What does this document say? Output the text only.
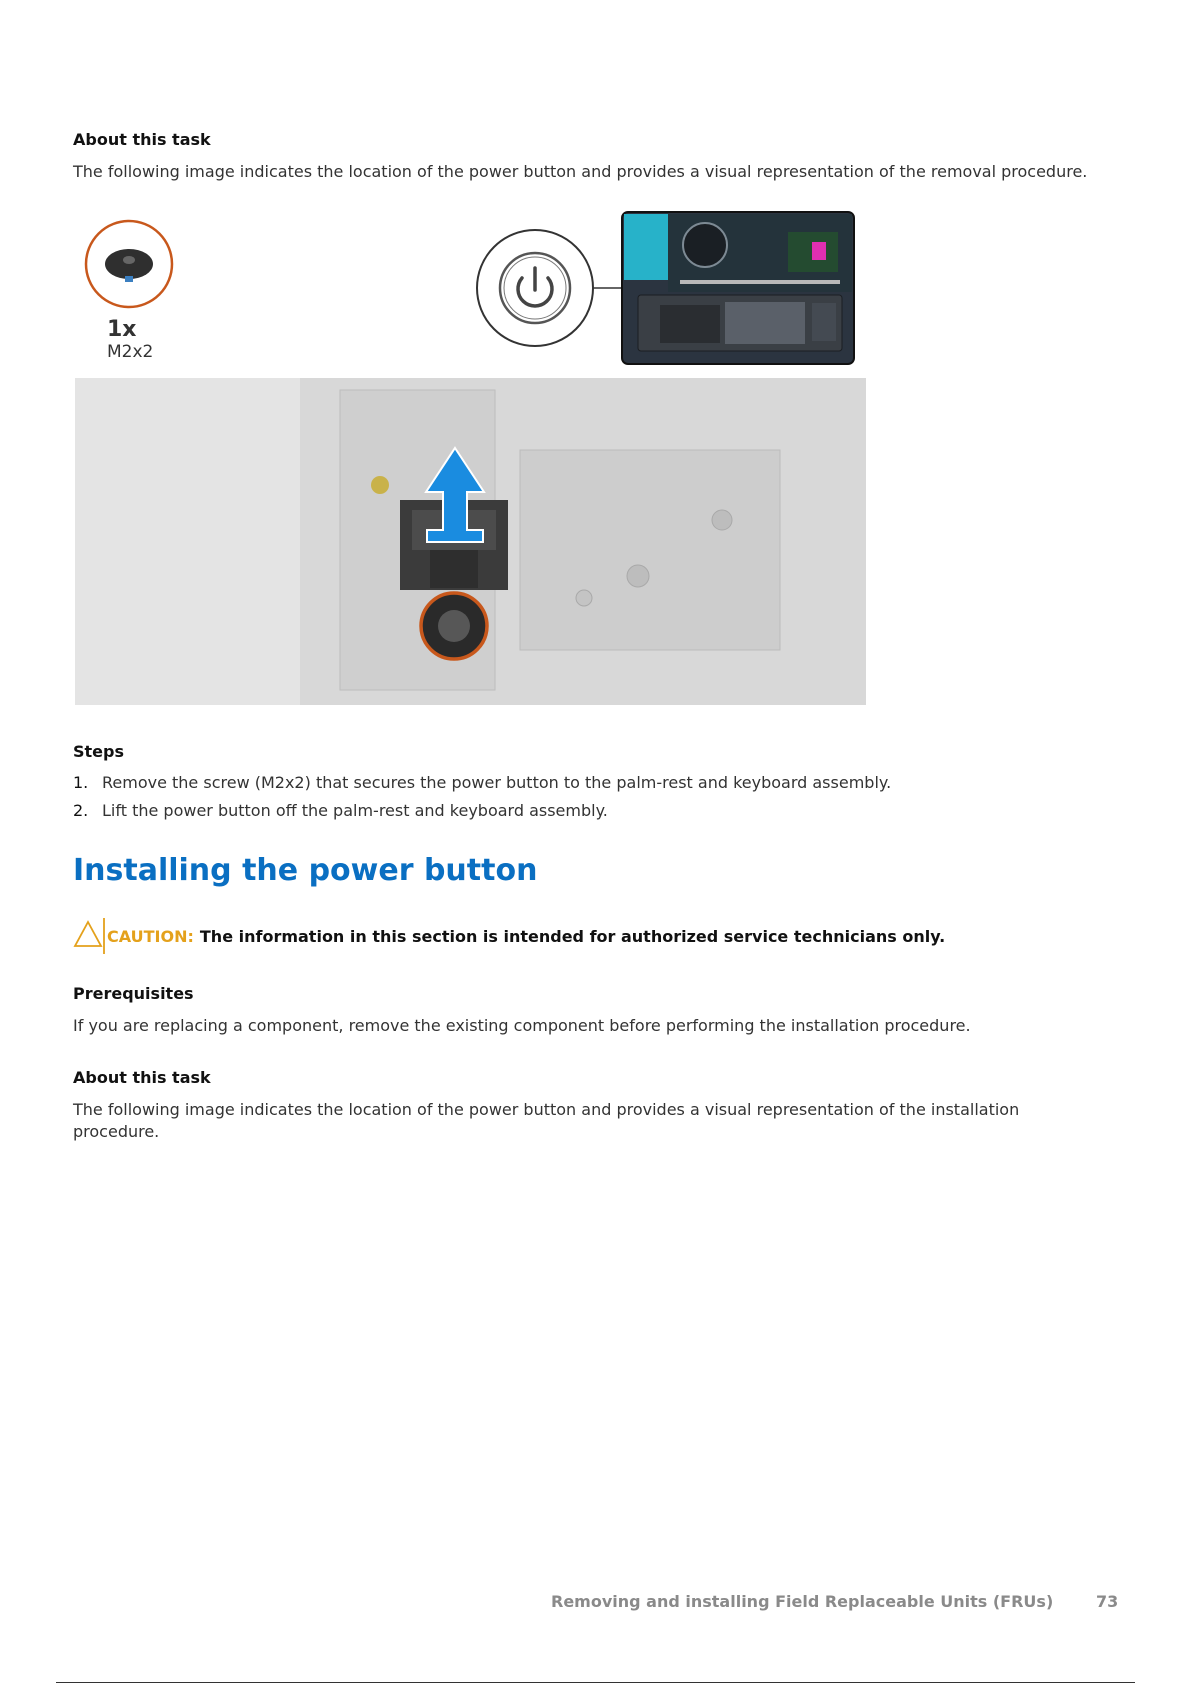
About this task
The following image indicates the location of the power button and provides a visual representation of the removal procedure.
1x
M2x2
Steps
1. Remove the screw (M2x2) that secures the power button to the palm-rest and keyboard assembly.
2. Lift the power button off the palm-rest and keyboard assembly.
Installing the power button
CAUTION: The information in this section is intended for authorized service technicians only.
Prerequisites
If you are replacing a component, remove the existing component before performing the installation procedure.
About this task
The following image indicates the location of the power button and provides a visual representation of the installation procedure.
Removing and installing Field Replaceable Units (FRUs)	73
